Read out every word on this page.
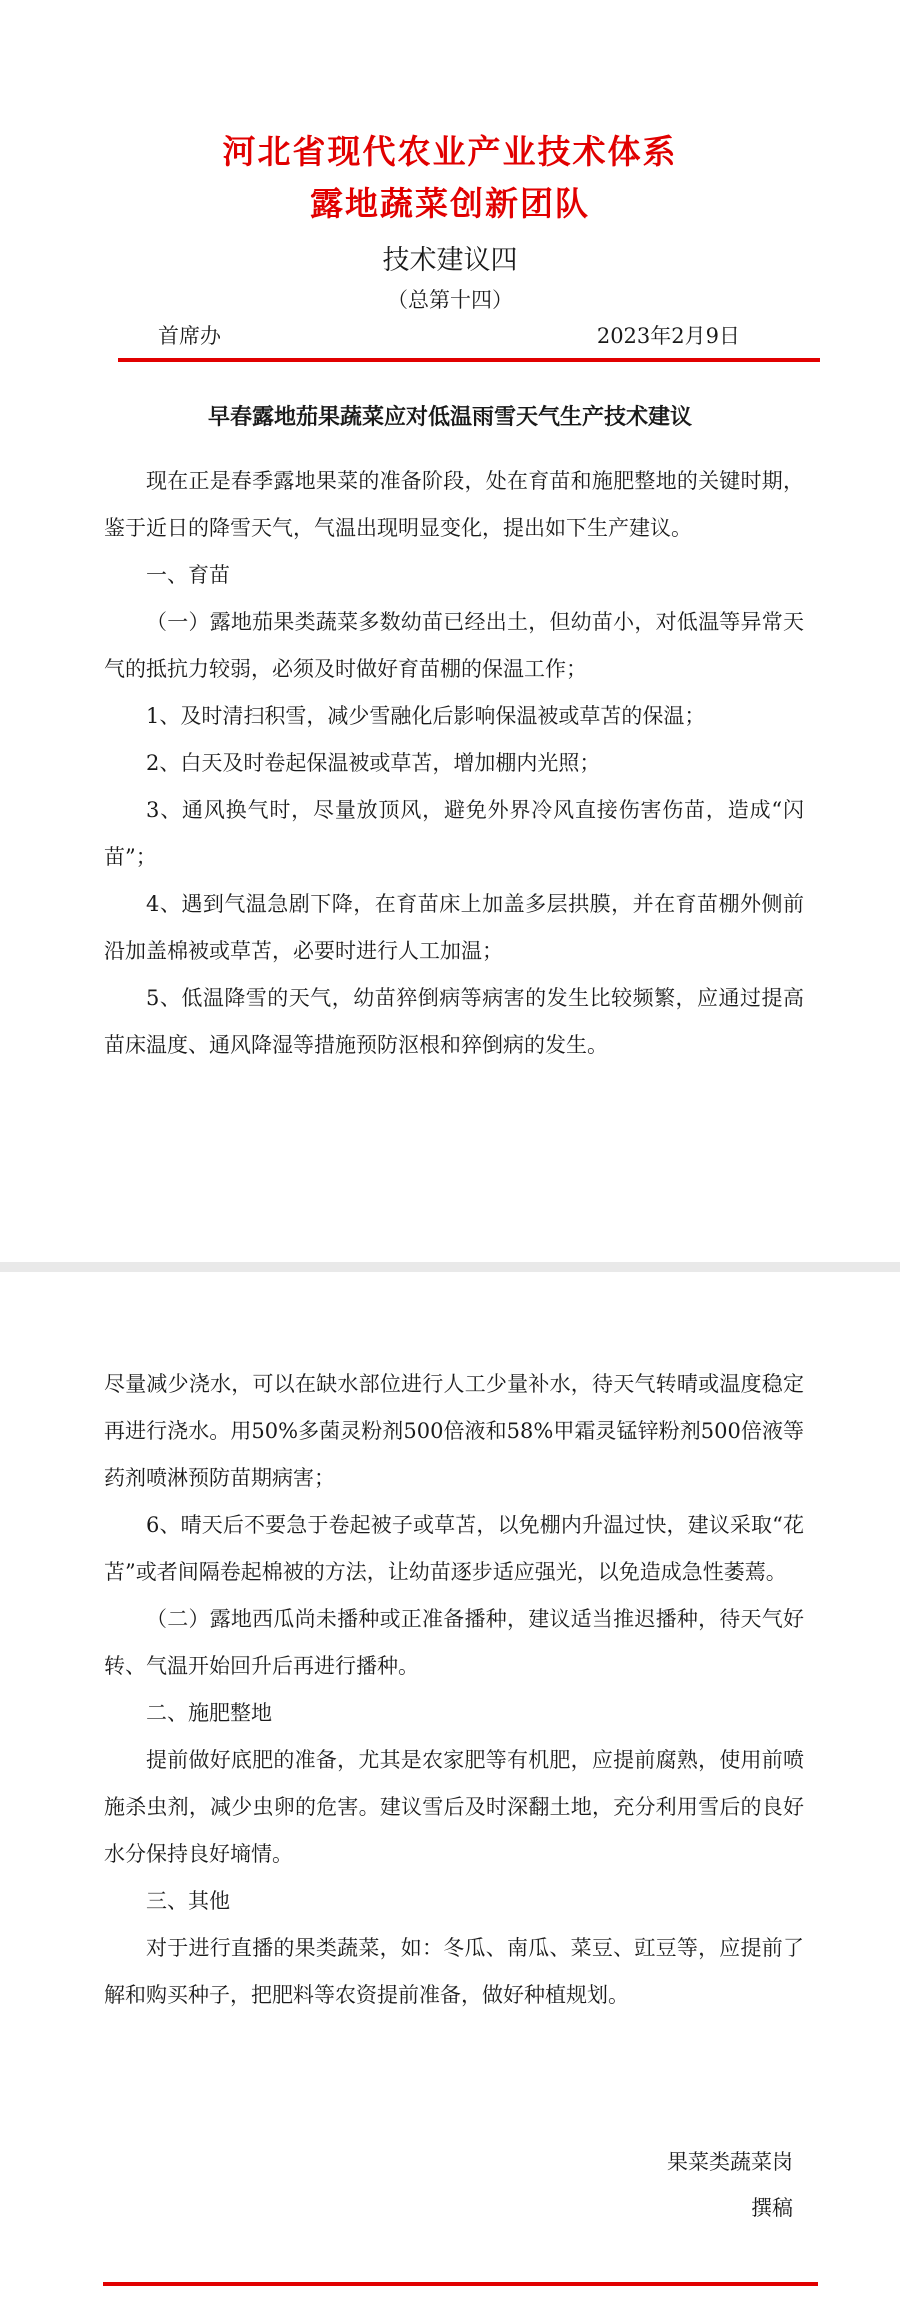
河北省现代农业产业技术体系
露地蔬菜创新团队
技术建议四
（总第十四）
首席办	2023年2月9日
早春露地茄果蔬菜应对低温雨雪天气生产技术建议

现在正是春季露地果菜的准备阶段，处在育苗和施肥整地的关键时期，鉴于近日的降雪天气，气温出现明显变化，提出如下生产建议。

一、育苗

（一）露地茄果类蔬菜多数幼苗已经出土，但幼苗小，对低温等异常天气的抵抗力较弱，必须及时做好育苗棚的保温工作；

1、及时清扫积雪，减少雪融化后影响保温被或草苫的保温；

2、白天及时卷起保温被或草苫，增加棚内光照；

3、通风换气时，尽量放顶风，避免外界冷风直接伤害伤苗，造成“闪苗”；

4、遇到气温急剧下降，在育苗床上加盖多层拱膜，并在育苗棚外侧前沿加盖棉被或草苫，必要时进行人工加温；

5、低温降雪的天气，幼苗猝倒病等病害的发生比较频繁，应通过提高苗床温度、通风降湿等措施预防沤根和猝倒病的发生。

尽量减少浇水，可以在缺水部位进行人工少量补水，待天气转晴或温度稳定再进行浇水。用50%多菌灵粉剂500倍液和58%甲霜灵锰锌粉剂500倍液等药剂喷淋预防苗期病害；

6、晴天后不要急于卷起被子或草苫，以免棚内升温过快，建议采取“花苫”或者间隔卷起棉被的方法，让幼苗逐步适应强光，以免造成急性萎蔫。

（二）露地西瓜尚未播种或正准备播种，建议适当推迟播种，待天气好转、气温开始回升后再进行播种。

二、施肥整地

提前做好底肥的准备，尤其是农家肥等有机肥，应提前腐熟，使用前喷施杀虫剂，减少虫卵的危害。建议雪后及时深翻土地，充分利用雪后的良好水分保持良好墒情。

三、其他

对于进行直播的果类蔬菜，如：冬瓜、南瓜、菜豆、豇豆等，应提前了解和购买种子，把肥料等农资提前准备，做好种植规划。

果菜类蔬菜岗
撰稿
